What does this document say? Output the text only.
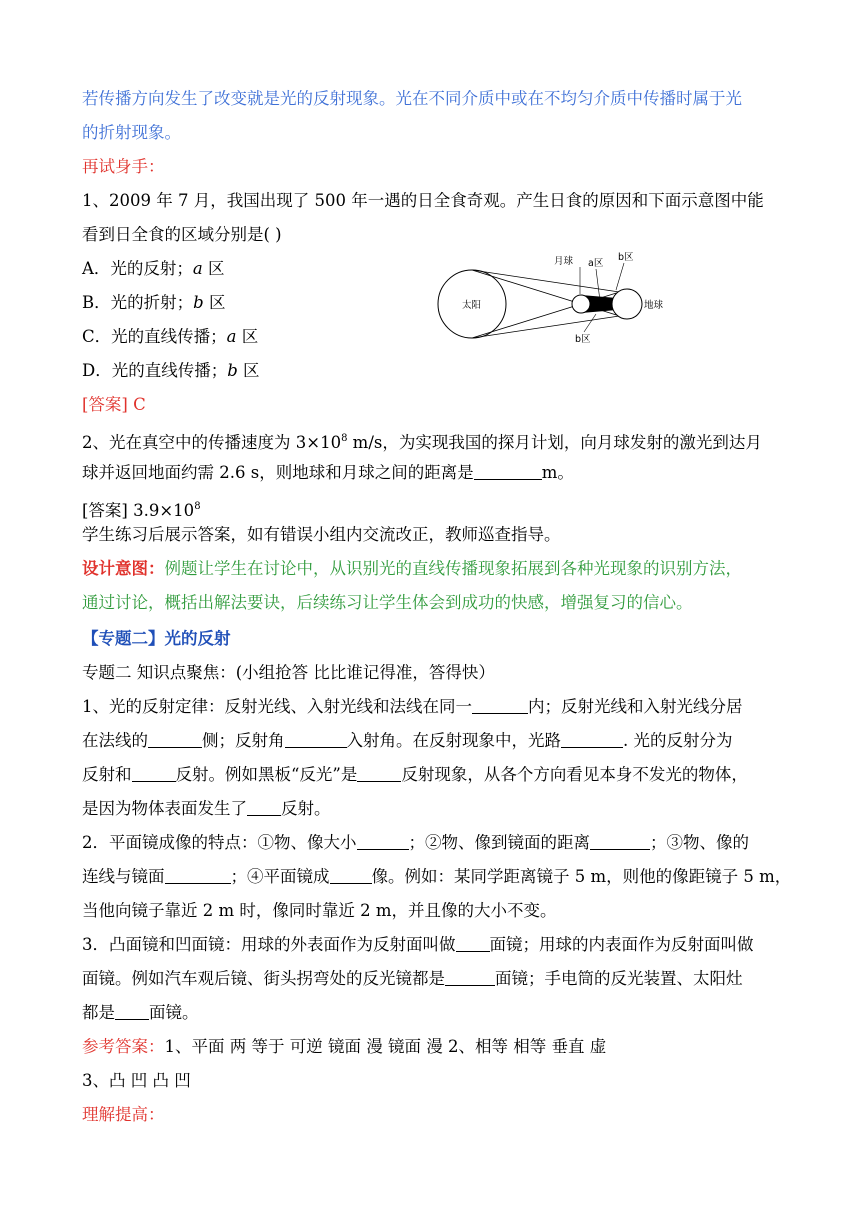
若传播方向发生了改变就是光的反射现象。光在不同介质中或在不均匀介质中传播时属于光
的折射现象。
再试身手：
1、2009 年 7 月，我国出现了 500 年一遇的日全食奇观。产生日食的原因和下面示意图中能
看到日全食的区域分别是( )
A．光的反射；a 区
B．光的折射；b 区
C．光的直线传播；a 区
D．光的直线传播；b 区
太阳
月球
地球
a区
b区
b区
[答案] C
2、光在真空中的传播速度为 $3\times 10^8$ m/s，为实现我国的探月计划，向月球发射的激光到达月
球并返回地面约需 2.6 s，则地球和月球之间的距离是	m。
[答案] $3.9\times 10^8$
学生练习后展示答案，如有错误小组内交流改正，教师巡查指导。
设计意图：例题让学生在讨论中，从识别光的直线传播现象拓展到各种光现象的识别方法，
通过讨论，概括出解法要诀，后续练习让学生体会到成功的快感，增强复习的信心。
【专题二】光的反射
专题二 知识点聚焦：(小组抢答 比比谁记得准，答得快）
1、光的反射定律：反射光线、入射光线和法线在同一	内；反射光线和入射光线分居
在法线的	侧；反射角	入射角。在反射现象中，光路	. 光的反射分为
反射和	反射。例如黑板“反光”是	反射现象，从各个方向看见本身不发光的物体，
是因为物体表面发生了 反射。
2．平面镜成像的特点：①物、像大小	；②物、像到镜面的距离	；③物、像的
连线与镜面	；④平面镜成	像。例如：某同学距离镜子 5 m，则他的像距镜子 5 m，
当他向镜子靠近 2 m 时，像同时靠近 2 m，并且像的大小不变。
3．凸面镜和凹面镜：用球的外表面作为反射面叫做 面镜；用球的内表面作为反射面叫做
面镜。例如汽车观后镜、街头拐弯处的反光镜都是	面镜；手电筒的反光装置、太阳灶
都是 面镜。
参考答案：1、平面 两 等于 可逆 镜面 漫 镜面 漫 2、相等 相等 垂直 虚
3、凸 凹 凸 凹
理解提高：
